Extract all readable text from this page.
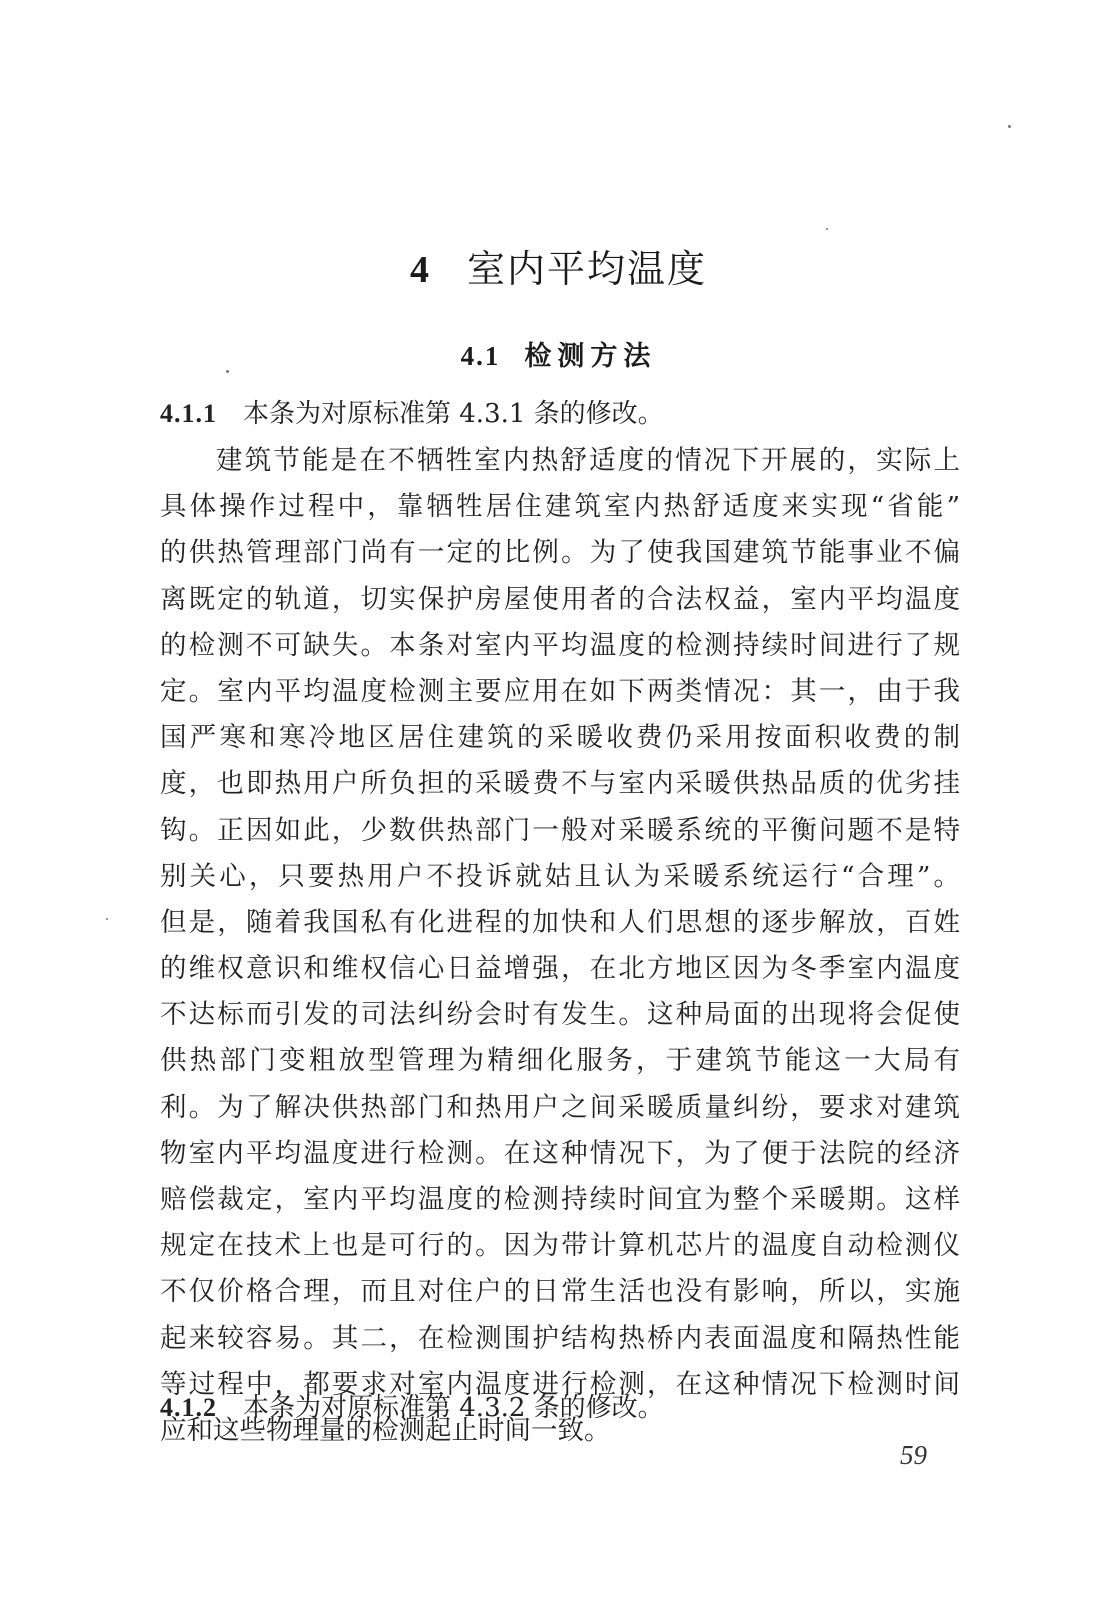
4 室内平均温度
4.1 检测方法
4.1.1 本条为对原标准第 4.3.1 条的修改。
建筑节能是在不牺牲室内热舒适度的情况下开展的，实际上
具体操作过程中，靠牺牲居住建筑室内热舒适度来实现“省能”
的供热管理部门尚有一定的比例。为了使我国建筑节能事业不偏
离既定的轨道，切实保护房屋使用者的合法权益，室内平均温度
的检测不可缺失。本条对室内平均温度的检测持续时间进行了规
定。室内平均温度检测主要应用在如下两类情况：其一，由于我
国严寒和寒冷地区居住建筑的采暖收费仍采用按面积收费的制
度，也即热用户所负担的采暖费不与室内采暖供热品质的优劣挂
钩。正因如此，少数供热部门一般对采暖系统的平衡问题不是特
别关心，只要热用户不投诉就姑且认为采暖系统运行“合理”。
但是，随着我国私有化进程的加快和人们思想的逐步解放，百姓
的维权意识和维权信心日益增强，在北方地区因为冬季室内温度
不达标而引发的司法纠纷会时有发生。这种局面的出现将会促使
供热部门变粗放型管理为精细化服务，于建筑节能这一大局有
利。为了解决供热部门和热用户之间采暖质量纠纷，要求对建筑
物室内平均温度进行检测。在这种情况下，为了便于法院的经济
赔偿裁定，室内平均温度的检测持续时间宜为整个采暖期。这样
规定在技术上也是可行的。因为带计算机芯片的温度自动检测仪
不仅价格合理，而且对住户的日常生活也没有影响，所以，实施
起来较容易。其二，在检测围护结构热桥内表面温度和隔热性能
等过程中，都要求对室内温度进行检测，在这种情况下检测时间
应和这些物理量的检测起止时间一致。
4.1.2 本条为对原标准第 4.3.2 条的修改。
59
